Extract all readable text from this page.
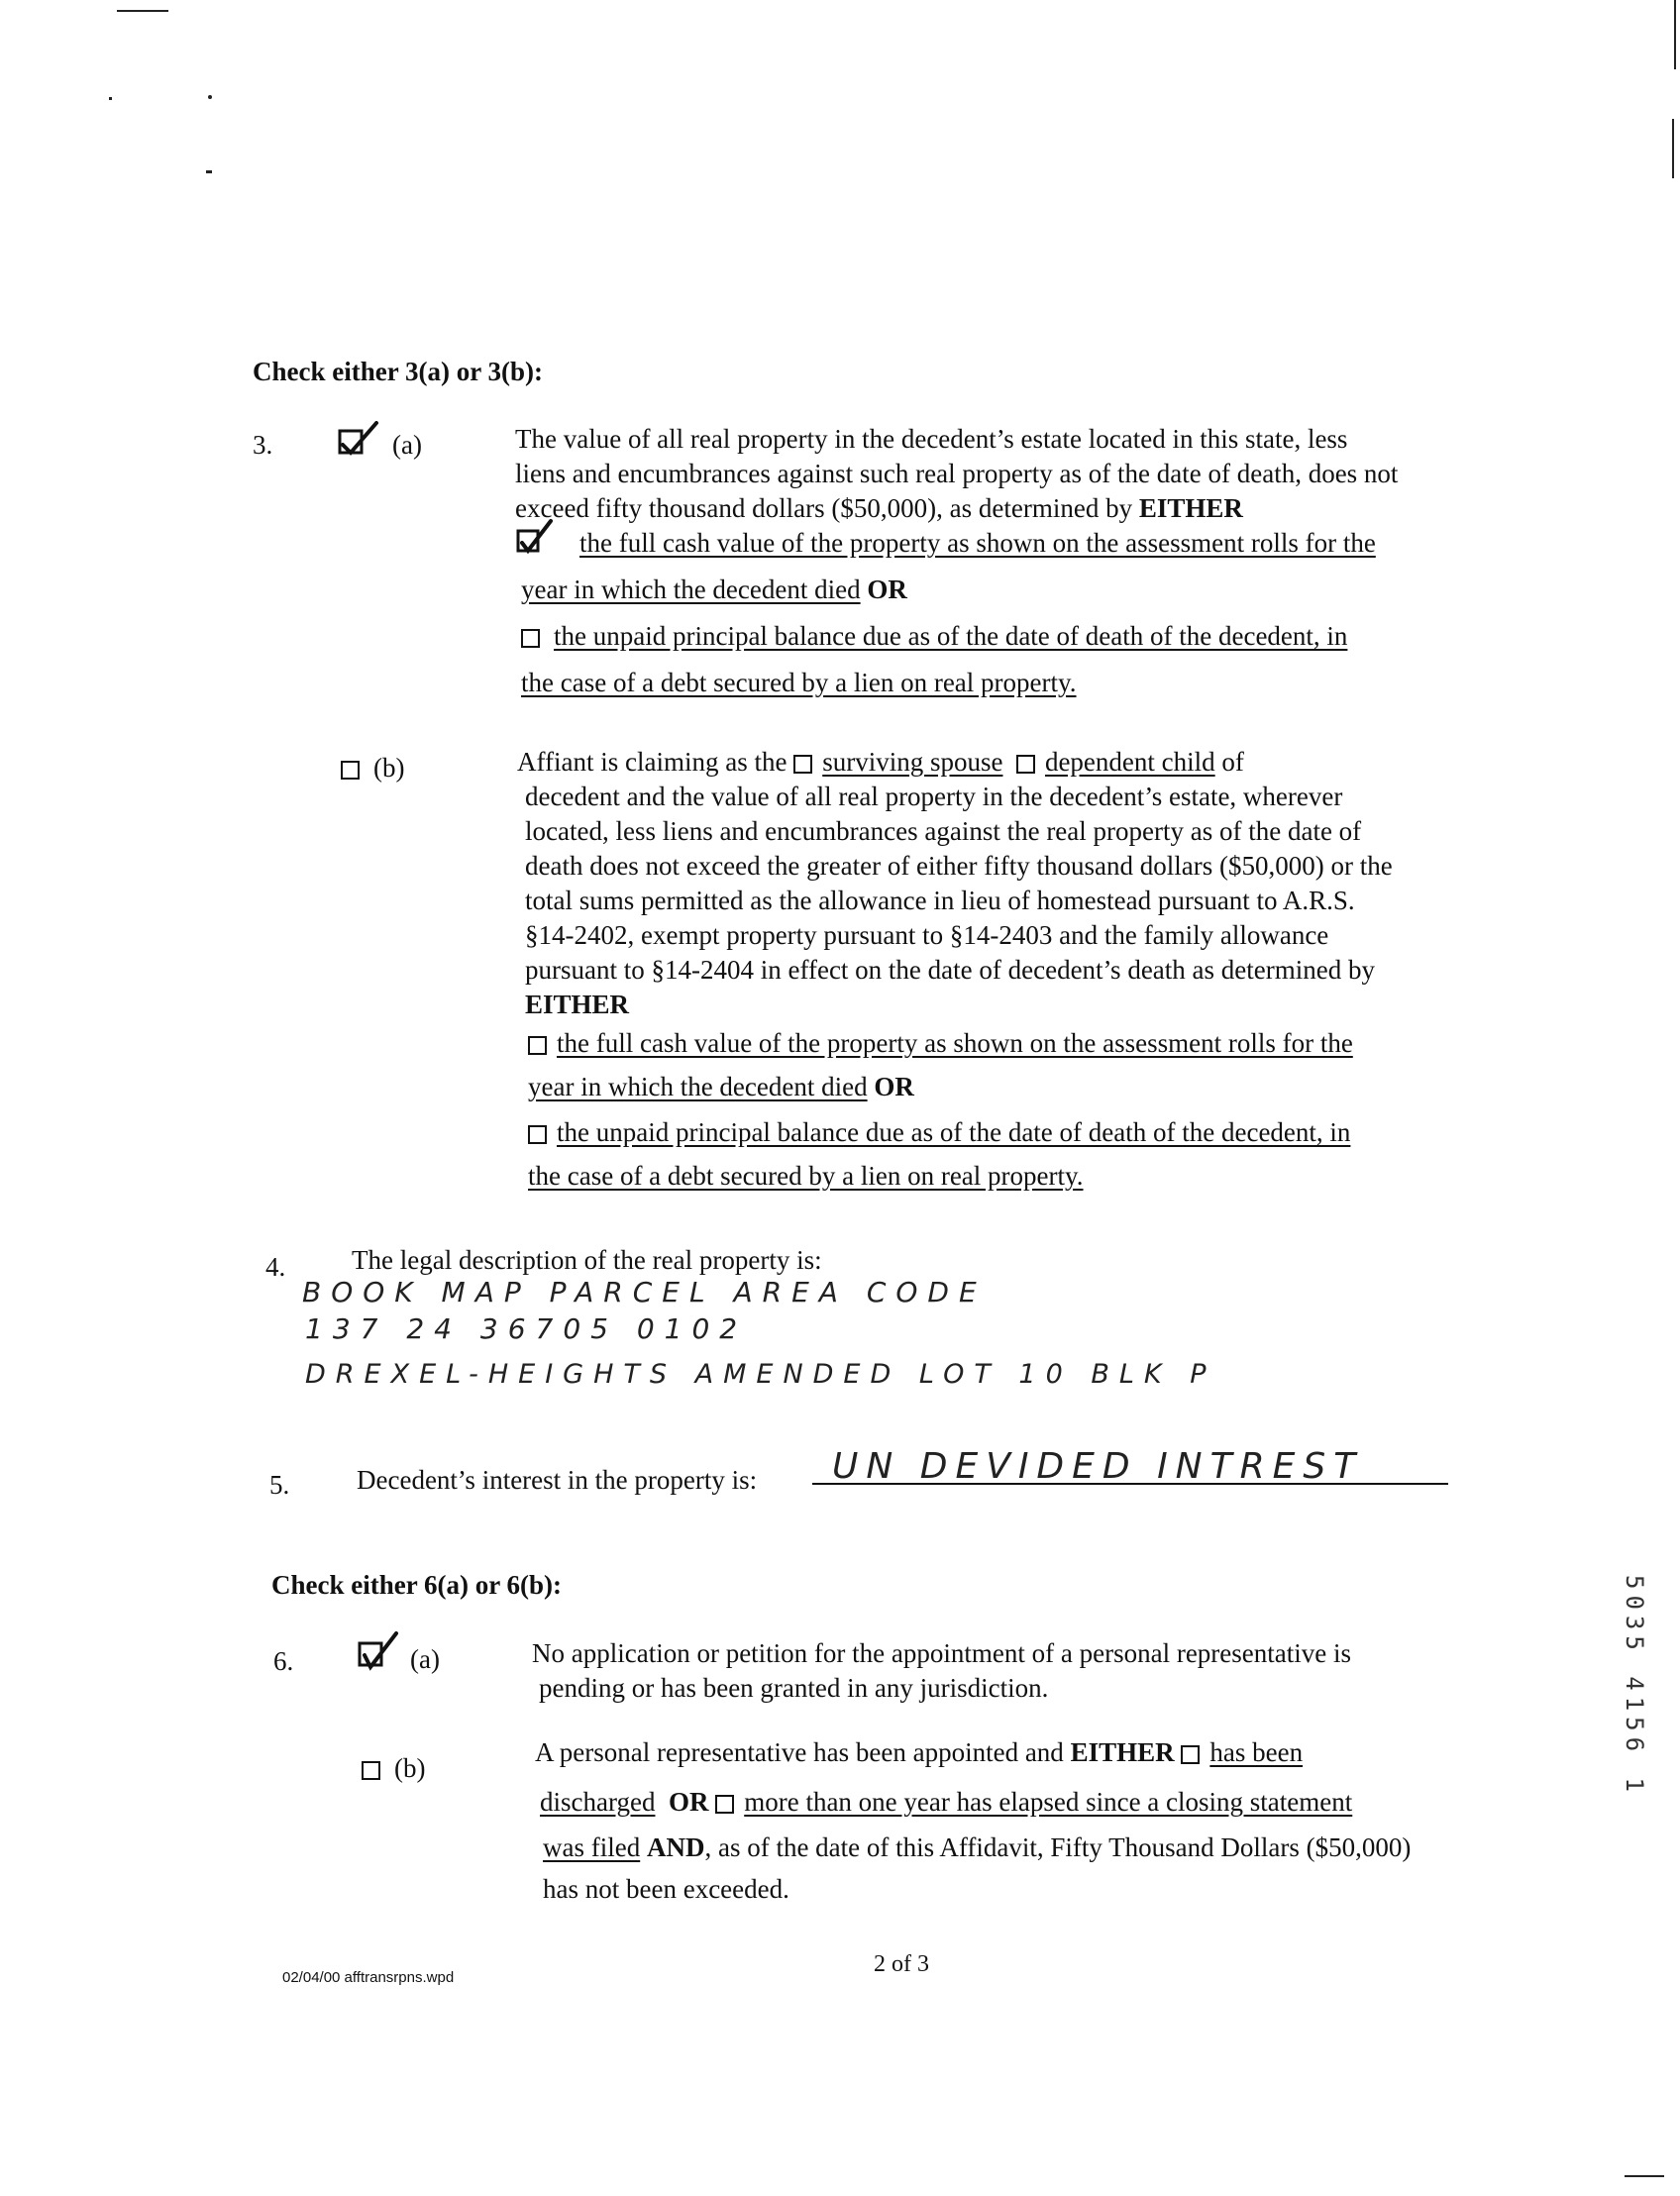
Check either 3(a) or 3(b):
3.	(a)	The value of all real property in the decedent’s estate located in this state, less
liens and encumbrances against such real property as of the date of death, does not
exceed fifty thousand dollars ($50,000), as determined by EITHER
the full cash value of the property as shown on the assessment rolls for the
year in which the decedent died OR
the unpaid principal balance due as of the date of death of the decedent, in
the case of a debt secured by a lien on real property.
(b)	Affiant is claiming as the surviving spouse dependent child of
decedent and the value of all real property in the decedent’s estate, wherever
located, less liens and encumbrances against the real property as of the date of
death does not exceed the greater of either fifty thousand dollars ($50,000) or the
total sums permitted as the allowance in lieu of homestead pursuant to A.R.S.
§14-2402, exempt property pursuant to §14-2403 and the family allowance
pursuant to §14-2404 in effect on the date of decedent’s death as determined by
EITHER
the full cash value of the property as shown on the assessment rolls for the
year in which the decedent died OR
the unpaid principal balance due as of the date of death of the decedent, in
the case of a debt secured by a lien on real property.
4. The legal description of the real property is:
BOOK MAP PARCEL AREA CODE
137 24 36705 0102
DREXEL-HEIGHTS AMENDED LOT 10 BLK P
5.	Decedent’s interest in the property is: UN DEVIDED INTREST
Check either 6(a) or 6(b):
6.	(a)	No application or petition for the appointment of a personal representative is
pending or has been granted in any jurisdiction.
(b)
A personal representative has been appointed and EITHER has been
discharged OR more than one year has elapsed since a closing statement
was filed AND, as of the date of this Affidavit, Fifty Thousand Dollars ($50,000)
has not been exceeded.
02/04/00 afftransrpns.wpd
2 of 3
5035 4156 1
